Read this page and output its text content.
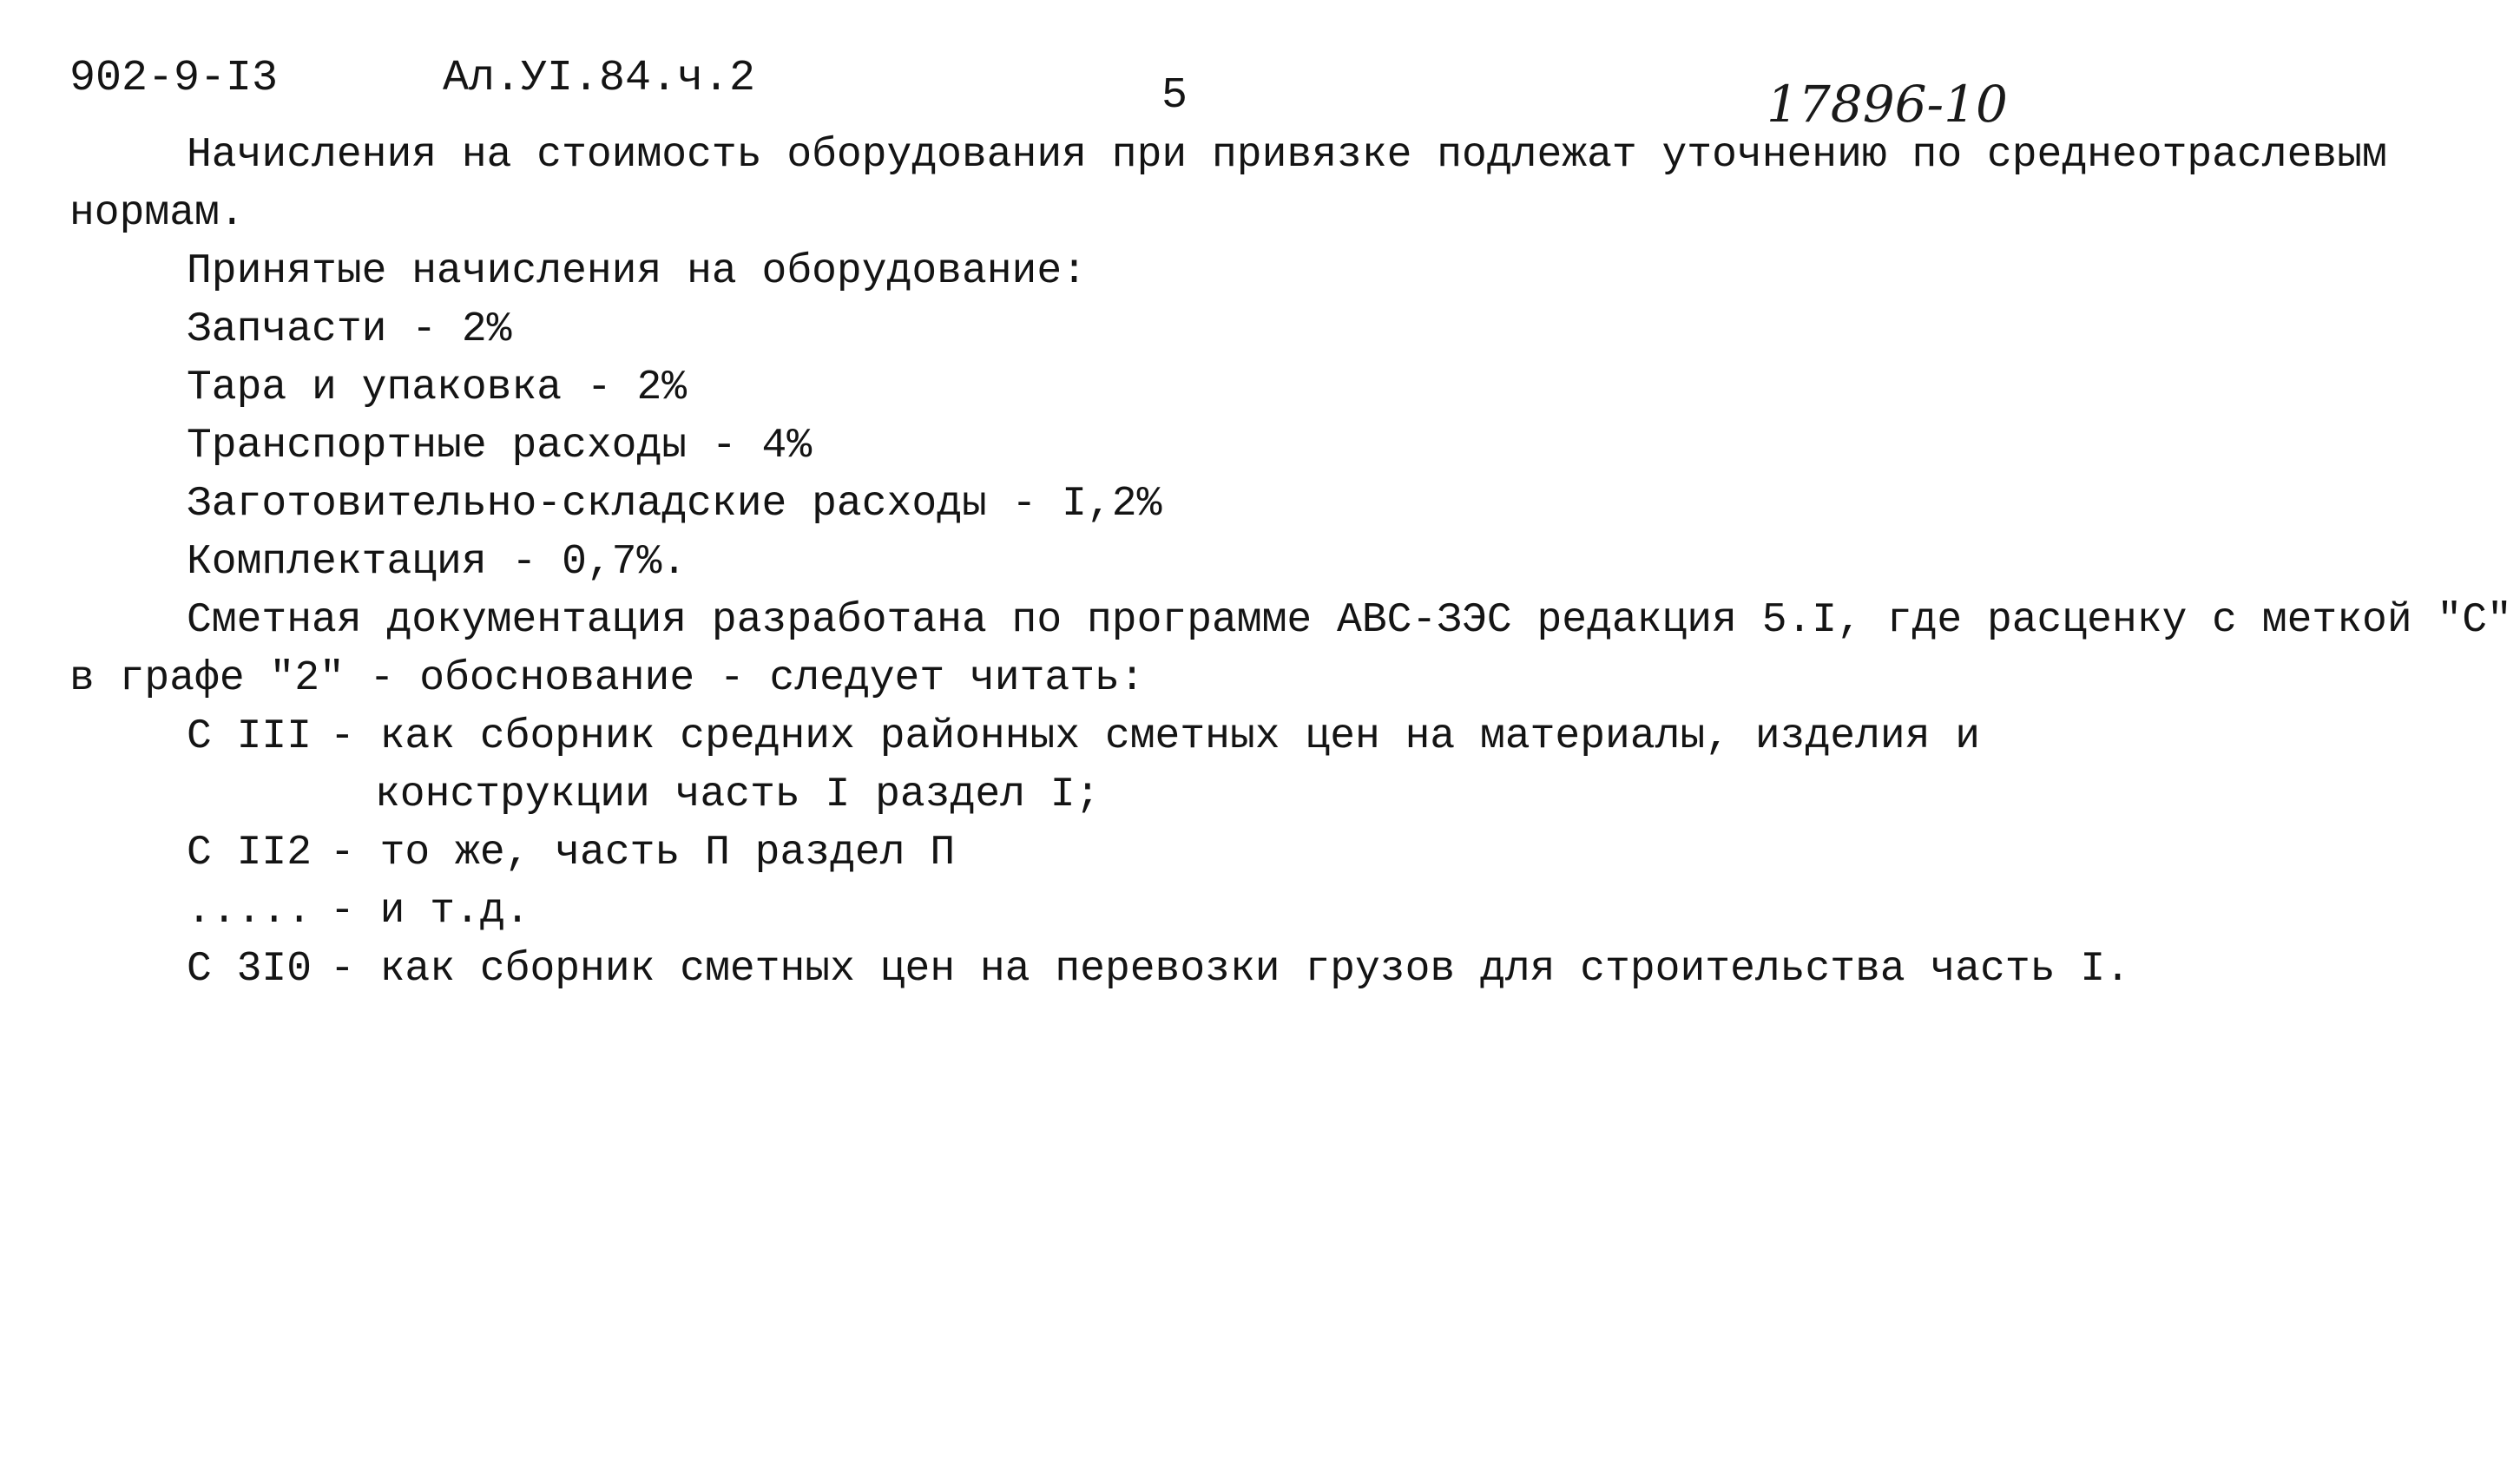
902-9-I3	Ал.УI.84.ч.2	5	17896-10
Начисления на стоимость оборудования при привязке подлежат уточнению по среднеотраслевым
нормам.
Принятые начисления на оборудование:
Запчасти - 2%
Тара и упаковка - 2%
Транспортные расходы - 4%
Заготовительно-складские расходы - I,2%
Комплектация - 0,7%.
Сметная документация разработана по программе АВС-ЗЭС редакция 5.I, где расценку с меткой "С"
в графе "2" - обоснование - следует читать:
С III - как сборник средних районных сметных цен на материалы, изделия и
конструкции часть I раздел I;
С II2 - то же, часть П раздел П
..... - и т.д.
С 3I0 - как сборник сметных цен на перевозки грузов для строительства часть I.
